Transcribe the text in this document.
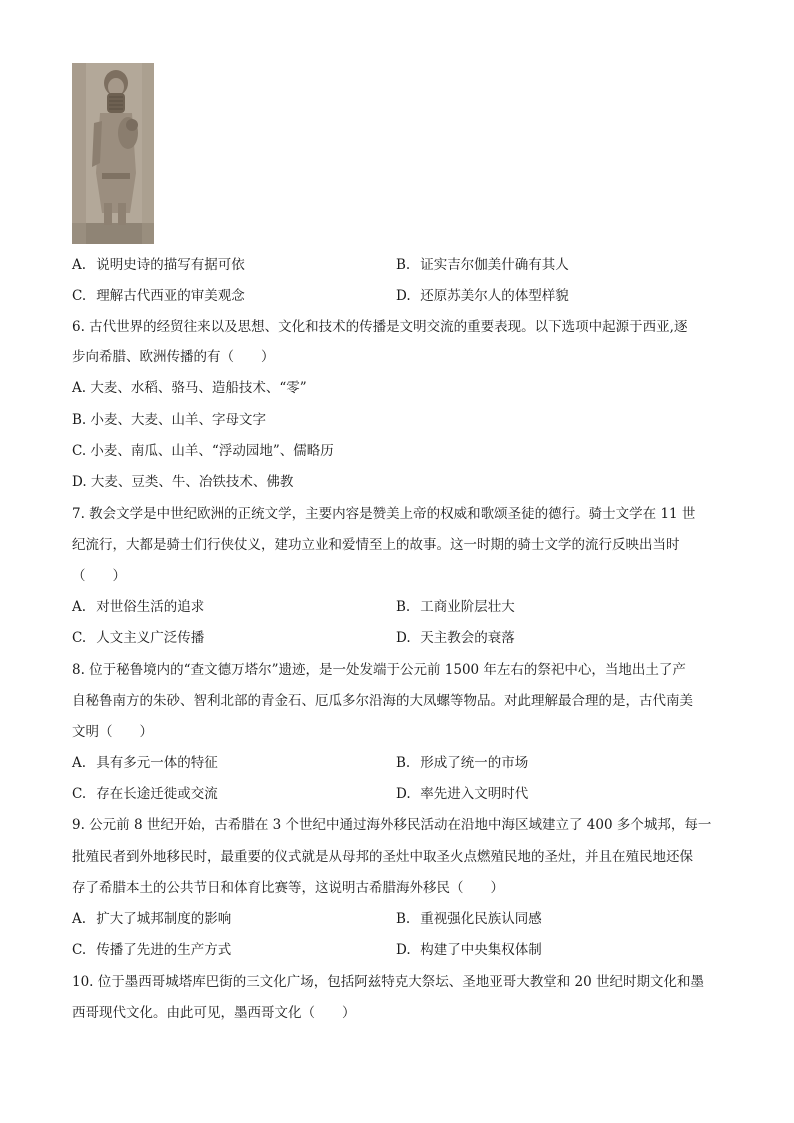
A. 说明史诗的描写有据可依	B. 证实吉尔伽美什确有其人
C. 理解古代西亚的审美观念	D. 还原苏美尔人的体型样貌
6. 古代世界的经贸往来以及思想、文化和技术的传播是文明交流的重要表现。以下选项中起源于西亚,逐
步向希腊、欧洲传播的有（　　）
A. 大麦、水稻、骆马、造船技术、“零”
B. 小麦、大麦、山羊、字母文字
C. 小麦、南瓜、山羊、“浮动园地”、儒略历
D. 大麦、豆类、牛、冶铁技术、佛教
7. 教会文学是中世纪欧洲的正统文学，主要内容是赞美上帝的权威和歌颂圣徒的德行。骑士文学在 11 世
纪流行，大都是骑士们行侠仗义，建功立业和爱情至上的故事。这一时期的骑士文学的流行反映出当时
（　　）
A. 对世俗生活的追求	B. 工商业阶层壮大
C. 人文主义广泛传播	D. 天主教会的衰落
8. 位于秘鲁境内的“查文德万塔尔”遗迹，是一处发端于公元前 1500 年左右的祭祀中心，当地出土了产
自秘鲁南方的朱砂、智利北部的青金石、厄瓜多尔沿海的大凤螺等物品。对此理解最合理的是，古代南美
文明（　　）
A. 具有多元一体的特征	B. 形成了统一的市场
C. 存在长途迁徙或交流	D. 率先进入文明时代
9. 公元前 8 世纪开始，古希腊在 3 个世纪中通过海外移民活动在沿地中海区域建立了 400 多个城邦，每一
批殖民者到外地移民时，最重要的仪式就是从母邦的圣灶中取圣火点燃殖民地的圣灶，并且在殖民地还保
存了希腊本土的公共节日和体育比赛等，这说明古希腊海外移民（　　）
A. 扩大了城邦制度的影响	B. 重视强化民族认同感
C. 传播了先进的生产方式	D. 构建了中央集权体制
10. 位于墨西哥城塔库巴街的三文化广场，包括阿兹特克大祭坛、圣地亚哥大教堂和 20 世纪时期文化和墨
西哥现代文化。由此可见，墨西哥文化（　　）
